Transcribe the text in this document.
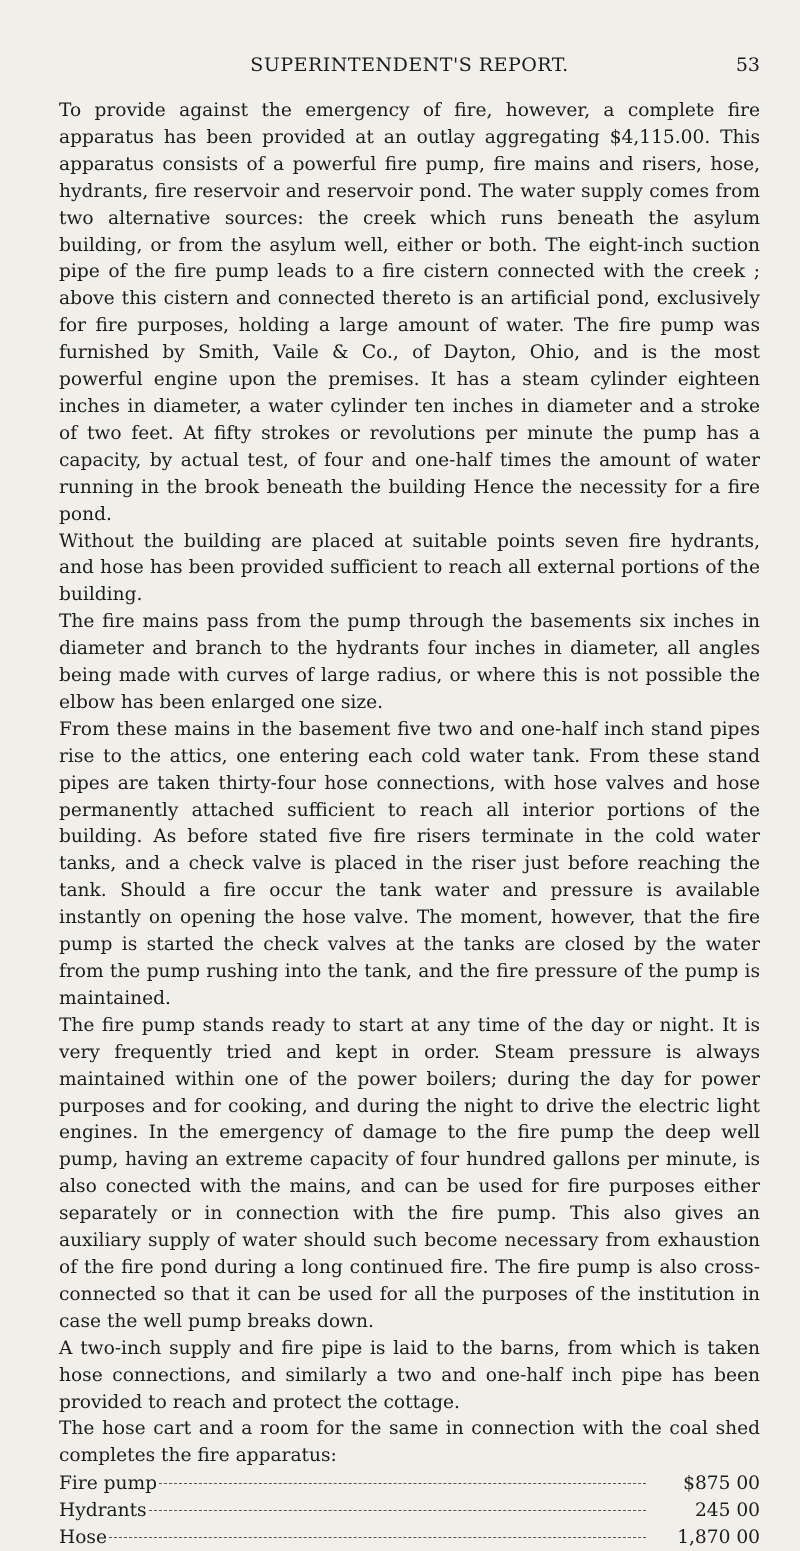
SUPERINTENDENT'S REPORT.	53

To provide against the emergency of fire, however, a complete fire apparatus has been provided at an outlay aggregating $4,115.00. This apparatus consists of a powerful fire pump, fire mains and risers, hose, hydrants, fire reservoir and reservoir pond. The water supply comes from two alternative sources: the creek which runs beneath the asylum building, or from the asylum well, either or both. The eight-inch suction pipe of the fire pump leads to a fire cistern connected with the creek ; above this cistern and connected thereto is an artificial pond, exclusively for fire purposes, holding a large amount of water. The fire pump was furnished by Smith, Vaile & Co., of Dayton, Ohio, and is the most powerful engine upon the premises. It has a steam cylinder eighteen inches in diameter, a water cylinder ten inches in diameter and a stroke of two feet. At fifty strokes or revolutions per minute the pump has a capacity, by actual test, of four and one-half times the amount of water running in the brook beneath the building Hence the necessity for a fire pond.

Without the building are placed at suitable points seven fire hydrants, and hose has been provided sufficient to reach all external portions of the building.

The fire mains pass from the pump through the basements six inches in diameter and branch to the hydrants four inches in diameter, all angles being made with curves of large radius, or where this is not possible the elbow has been enlarged one size.

From these mains in the basement five two and one-half inch stand pipes rise to the attics, one entering each cold water tank. From these stand pipes are taken thirty-four hose connections, with hose valves and hose permanently attached sufficient to reach all interior portions of the building. As before stated five fire risers terminate in the cold water tanks, and a check valve is placed in the riser just before reaching the tank. Should a fire occur the tank water and pressure is available instantly on opening the hose valve. The moment, however, that the fire pump is started the check valves at the tanks are closed by the water from the pump rushing into the tank, and the fire pressure of the pump is maintained.

The fire pump stands ready to start at any time of the day or night. It is very frequently tried and kept in order. Steam pressure is always maintained within one of the power boilers; during the day for power purposes and for cooking, and during the night to drive the electric light engines. In the emergency of damage to the fire pump the deep well pump, having an extreme capacity of four hundred gallons per minute, is also conected with the mains, and can be used for fire purposes either separately or in connection with the fire pump. This also gives an auxiliary supply of water should such become necessary from exhaustion of the fire pond during a long continued fire. The fire pump is also cross-connected so that it can be used for all the purposes of the institution in case the well pump breaks down.

A two-inch supply and fire pipe is laid to the barns, from which is taken hose connections, and similarly a two and one-half inch pipe has been provided to reach and protect the cottage.

The hose cart and a room for the same in connection with the coal shed completes the fire apparatus:

Fire pump	$875 00
Hydrants	245 00
Hose	1,870 00
